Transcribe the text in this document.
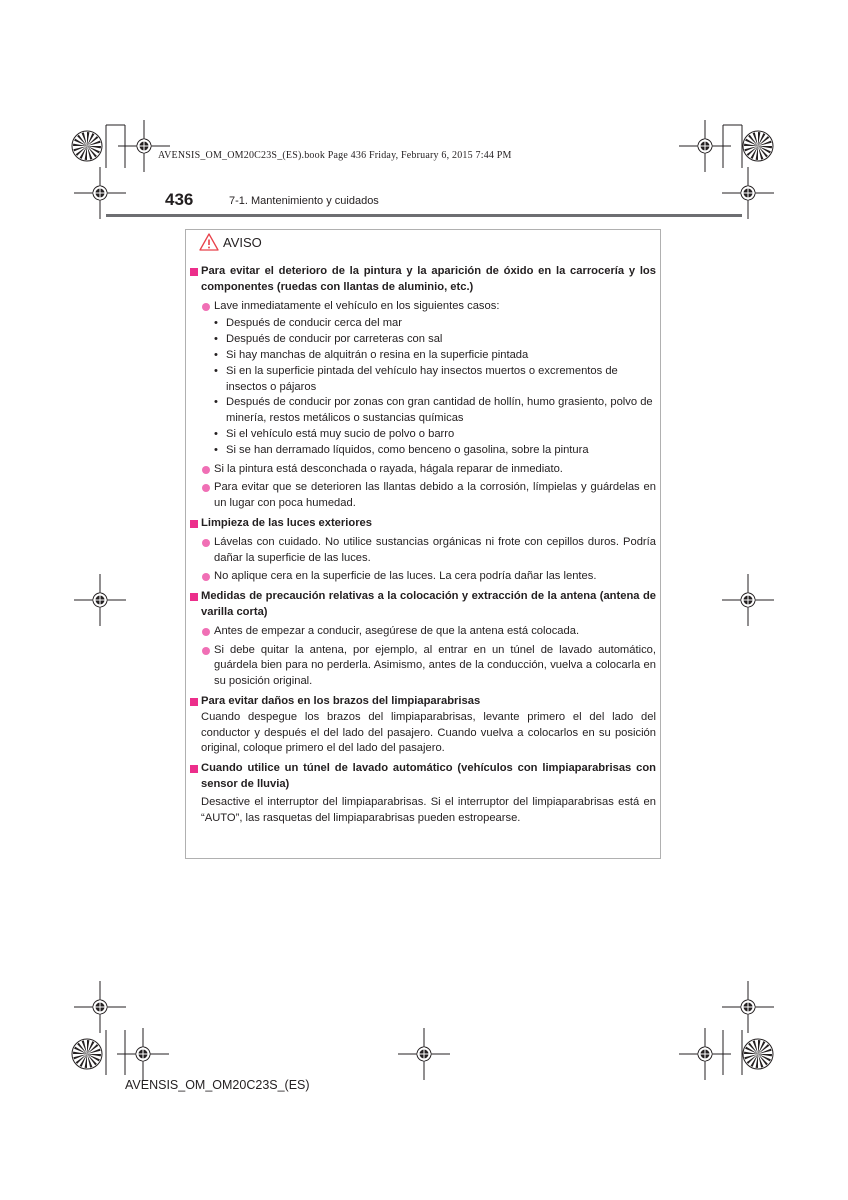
AVENSIS_OM_OM20C23S_(ES).book Page 436 Friday, February 6, 2015 7:44 PM
436	7-1. Mantenimiento y cuidados
AVISO
Para evitar el deterioro de la pintura y la aparición de óxido en la carrocería y los componentes (ruedas con llantas de aluminio, etc.)
Lave inmediatamente el vehículo en los siguientes casos:
• Después de conducir cerca del mar
• Después de conducir por carreteras con sal
• Si hay manchas de alquitrán o resina en la superficie pintada
• Si en la superficie pintada del vehículo hay insectos muertos o excrementos de insectos o pájaros
• Después de conducir por zonas con gran cantidad de hollín, humo grasiento, polvo de minería, restos metálicos o sustancias químicas
• Si el vehículo está muy sucio de polvo o barro
• Si se han derramado líquidos, como benceno o gasolina, sobre la pintura
Si la pintura está desconchada o rayada, hágala reparar de inmediato.
Para evitar que se deterioren las llantas debido a la corrosión, límpielas y guárdelas en un lugar con poca humedad.
Limpieza de las luces exteriores
Lávelas con cuidado. No utilice sustancias orgánicas ni frote con cepillos duros. Podría dañar la superficie de las luces.
No aplique cera en la superficie de las luces. La cera podría dañar las lentes.
Medidas de precaución relativas a la colocación y extracción de la antena (antena de varilla corta)
Antes de empezar a conducir, asegúrese de que la antena está colocada.
Si debe quitar la antena, por ejemplo, al entrar en un túnel de lavado automático, guárdela bien para no perderla. Asimismo, antes de la conducción, vuelva a colocarla en su posición original.
Para evitar daños en los brazos del limpiaparabrisas
Cuando despegue los brazos del limpiaparabrisas, levante primero el del lado del conductor y después el del lado del pasajero. Cuando vuelva a colocarlos en su posición original, coloque primero el del lado del pasajero.
Cuando utilice un túnel de lavado automático (vehículos con limpiaparabrisas con sensor de lluvia)
Desactive el interruptor del limpiaparabrisas. Si el interruptor del limpiaparabrisas está en “AUTO”, las rasquetas del limpiaparabrisas pueden estropearse.
AVENSIS_OM_OM20C23S_(ES)
